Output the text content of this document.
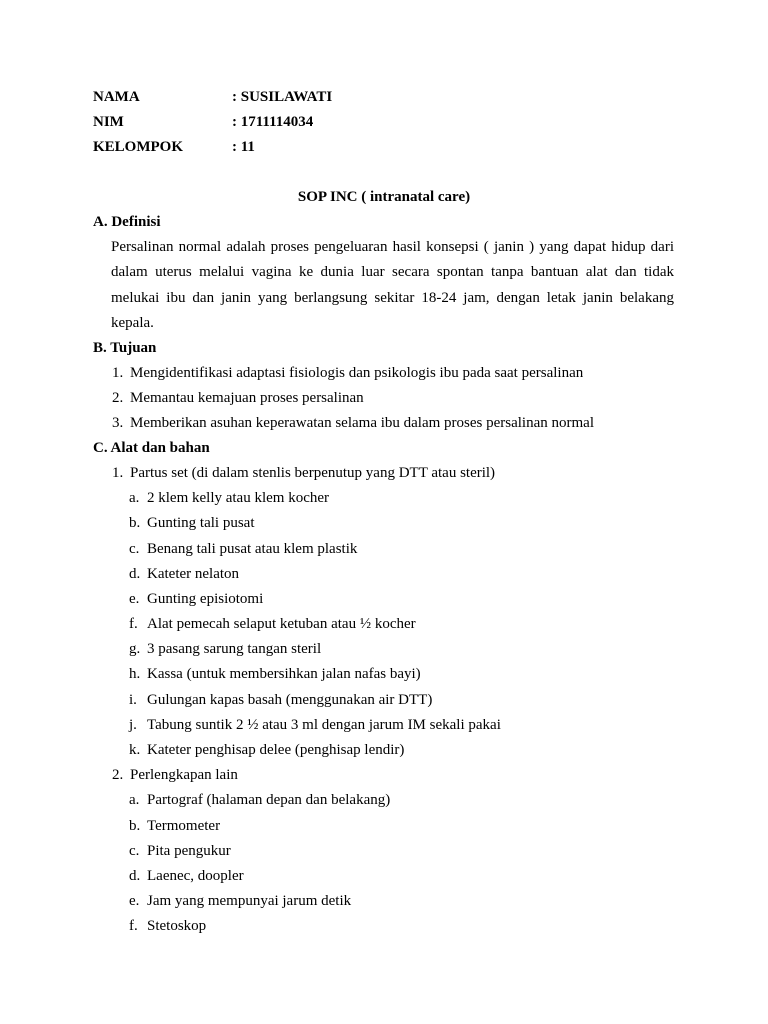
NAMA	: SUSILAWATI
NIM	: 1711114034
KELOMPOK	: 11
SOP INC ( intranatal care)
A. Definisi
Persalinan normal adalah proses pengeluaran hasil konsepsi ( janin ) yang dapat hidup dari dalam uterus melalui vagina ke dunia luar secara spontan tanpa bantuan alat dan tidak melukai ibu dan janin yang berlangsung sekitar 18-24 jam, dengan letak janin belakang kepala.
B. Tujuan
1. Mengidentifikasi adaptasi fisiologis dan psikologis ibu pada saat persalinan
2. Memantau kemajuan proses persalinan
3. Memberikan asuhan keperawatan selama ibu dalam proses persalinan normal
C. Alat dan bahan
1. Partus set (di dalam stenlis berpenutup yang DTT atau steril)
a. 2 klem kelly atau klem kocher
b. Gunting tali pusat
c. Benang tali pusat atau klem plastik
d. Kateter nelaton
e. Gunting episiotomi
f. Alat pemecah selaput ketuban atau ½ kocher
g. 3 pasang sarung tangan steril
h. Kassa (untuk membersihkan jalan nafas bayi)
i. Gulungan kapas basah (menggunakan air DTT)
j. Tabung suntik 2 ½ atau 3 ml dengan jarum IM sekali pakai
k. Kateter penghisap delee (penghisap lendir)
2. Perlengkapan lain
a. Partograf (halaman depan dan belakang)
b. Termometer
c. Pita pengukur
d. Laenec, doopler
e. Jam yang mempunyai jarum detik
f. Stetoskop
